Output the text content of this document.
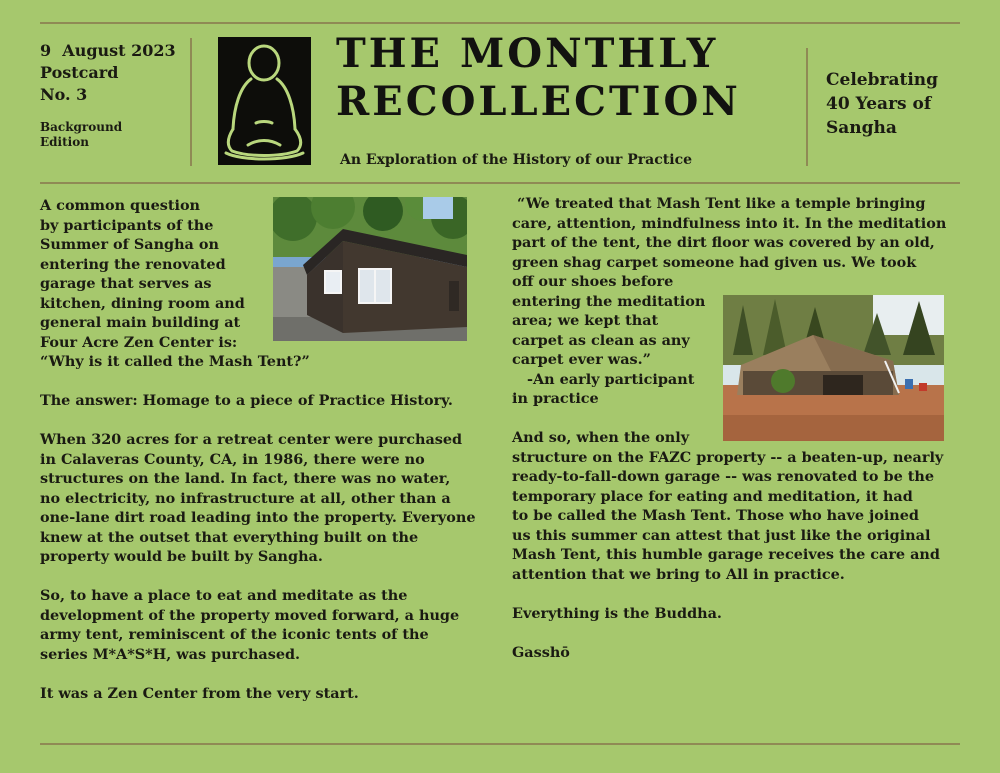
9  August 2023
Postcard
No. 3
Background
Edition
THE MONTHLY
RECOLLECTION
An Exploration of the History of our Practice
Celebrating
40 Years of
Sangha

A common question
by participants of the
Summer of Sangha on
entering the renovated
garage that serves as
kitchen, dining room and
general main building at
Four Acre Zen Center is:
“Why is it called the Mash Tent?”

The answer: Homage to a piece of Practice History.

When 320 acres for a retreat center were purchased
in Calaveras County, CA, in 1986, there were no
structures on the land. In fact, there was no water,
no electricity, no infrastructure at all, other than a
one-lane dirt road leading into the property. Everyone
knew at the outset that everything built on the
property would be built by Sangha.

So, to have a place to eat and meditate as the
development of the property moved forward, a huge
army tent, reminiscent of the iconic tents of the
series M*A*S*H, was purchased.

It was a Zen Center from the very start.

“We treated that Mash Tent like a temple bringing
care, attention, mindfulness into it. In the meditation
part of the tent, the dirt floor was covered by an old,
green shag carpet someone had given us. We took
off our shoes before
entering the meditation
area; we kept that
carpet as clean as any
carpet ever was.”
-An early participant
in practice

And so, when the only
structure on the FAZC property -- a beaten-up, nearly
ready-to-fall-down garage -- was renovated to be the
temporary place for eating and meditation, it had
to be called the Mash Tent. Those who have joined
us this summer can attest that just like the original
Mash Tent, this humble garage receives the care and
attention that we bring to All in practice.

Everything is the Buddha.

Gasshō
